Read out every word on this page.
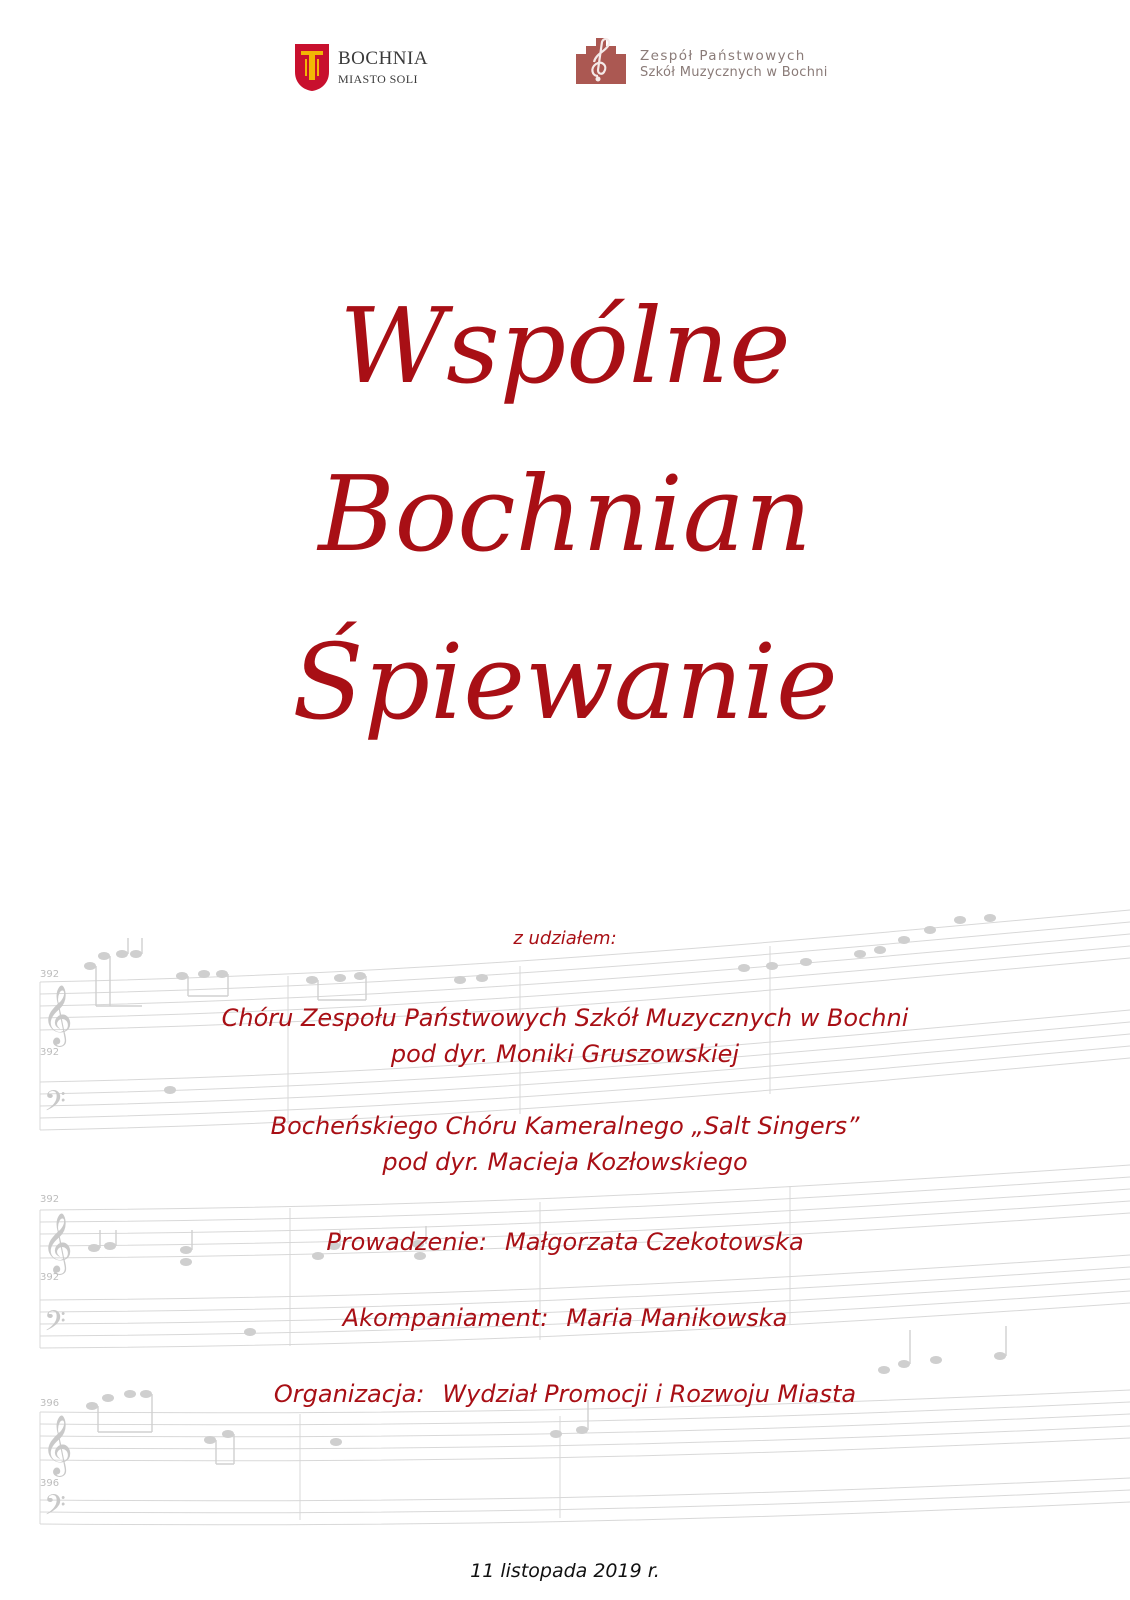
𝄞
𝄢
𝄞
𝄢
𝄞
𝄢
392
392
392
392
396
396
BOCHNIA
MIASTO SOLI
Zespół Państwowych
Szkół Muzycznych w Bochni
Wspólne
Bochnian
Śpiewanie

z udziałem:

Chóru Zespołu Państwowych Szkół Muzycznych w Bochni

pod dyr. Moniki Gruszowskiej

Bocheńskiego Chóru Kameralnego „Salt Singers”

pod dyr. Macieja Kozłowskiego

Prowadzenie: Małgorzata Czekotowska

Akompaniament: Maria Manikowska

Organizacja: Wydział Promocji i Rozwoju Miasta

11 listopada 2019 r.
